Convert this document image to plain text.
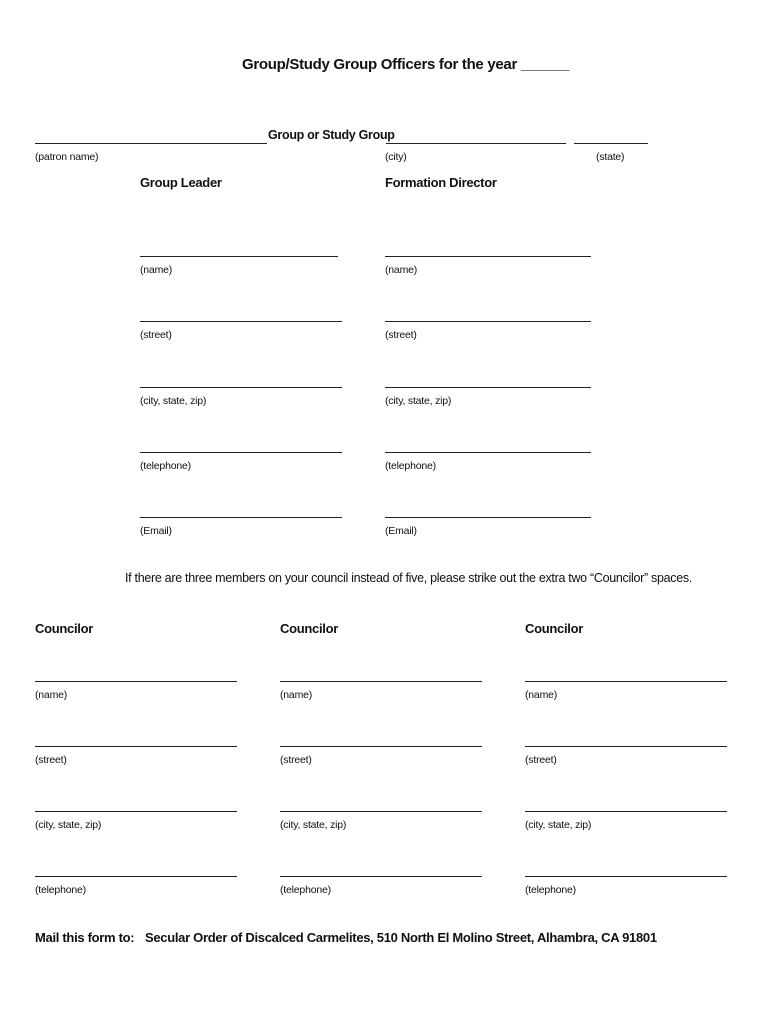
Group/Study Group Officers for the year ______
Group or Study Group
(patron name)	(city)	(state)
Group Leader	Formation Director
(name)	(name)
(street)	(street)
(city, state, zip)	(city, state, zip)
(telephone)	(telephone)
(Email)	(Email)
If there are three members on your council instead of five, please strike out the extra two “Councilor” spaces.
Councilor	Councilor	Councilor
(name)	(name)	(name)
(street)	(street)	(street)
(city, state, zip)	(city, state, zip)	(city, state, zip)
(telephone)	(telephone)	(telephone)
Mail this form to: Secular Order of Discalced Carmelites, 510 North El Molino Street, Alhambra, CA 91801
